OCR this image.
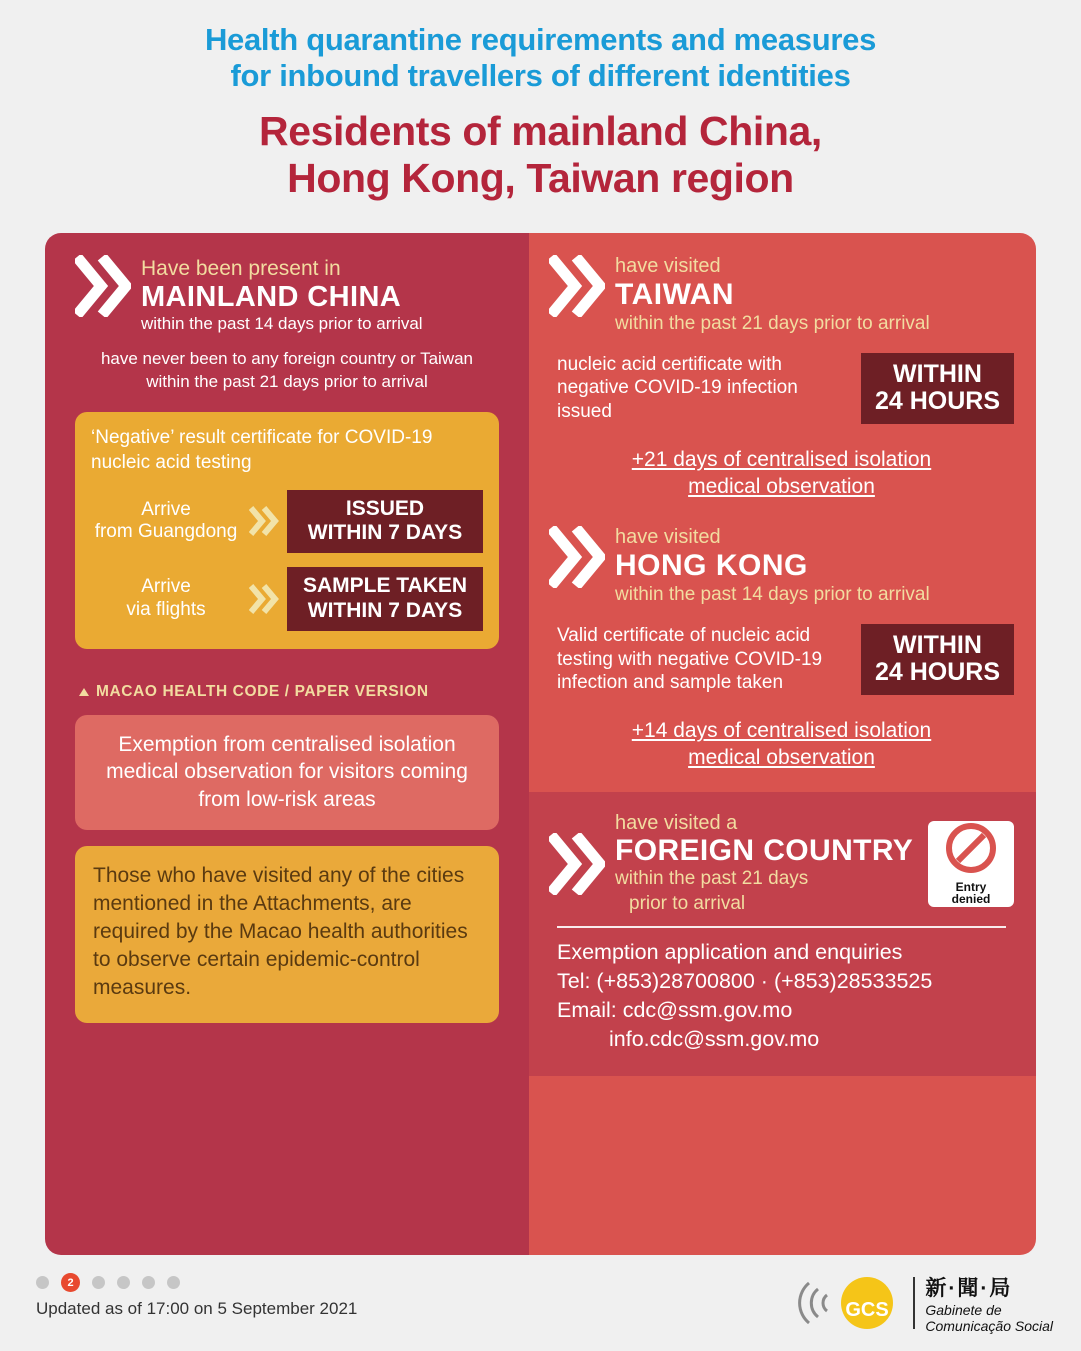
Health quarantine requirements and measures
for inbound travellers of different identities
Residents of mainland China,
Hong Kong, Taiwan region
Have been present in
MAINLAND CHINA
within the past 14 days prior to arrival
have never been to any foreign country or Taiwan within the past 21 days prior to arrival
‘Negative’ result certificate for COVID-19 nucleic acid testing
Arrive
from Guangdong
ISSUED
WITHIN 7 DAYS
Arrive
via flights
SAMPLE TAKEN
WITHIN 7 DAYS
MACAO HEALTH CODE / PAPER VERSION
Exemption from centralised isolation medical observation for visitors coming from low-risk areas
Those who have visited any of the cities mentioned in the Attachments, are required by the Macao health authorities to observe certain epidemic-control measures.
have visited
TAIWAN
within the past 21 days prior to arrival
nucleic acid certificate with negative COVID-19 infection issued
WITHIN
24 HOURS
+21 days of centralised isolation
medical observation
have visited
HONG KONG
within the past 14 days prior to arrival
Valid certificate of nucleic acid testing with negative COVID-19 infection and sample taken
WITHIN
24 HOURS
+14 days of centralised isolation
medical observation
have visited a
FOREIGN COUNTRY
within the past 21 days
prior to arrival
Entry
denied
Exemption application and enquiries
Tel: (+853)28700800 · (+853)28533525
Email: cdc@ssm.gov.mo
info.cdc@ssm.gov.mo
2
Updated as of 17:00 on 5 September 2021	GCS
新·聞·局
Gabinete de
Comunicação Social
